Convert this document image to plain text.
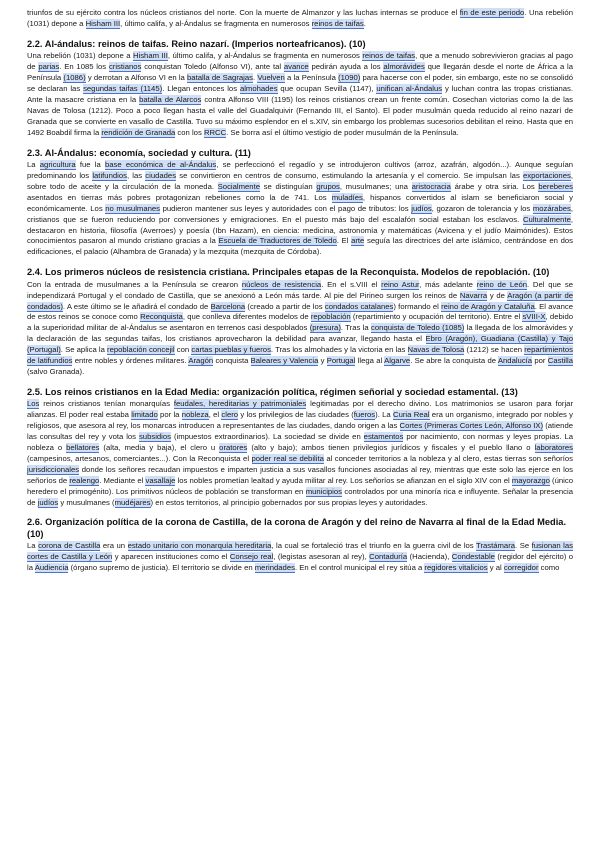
triunfos de su ejército contra los núcleos cristianos del norte. Con la muerte de Almanzor y las luchas internas se produce el fin de este periodo. Una rebelión (1031) depone a Hisham III, último califa, y al-Ándalus se fragmenta en numerosos reinos de taifas.

2.2. Al-ándalus: reinos de taifas. Reino nazarí. (Imperios norteafricanos). (10)

Una rebelión (1031) depone a Hisham III, último califa, y al-Ándalus se fragmenta en numerosos reinos de taifas, que a menudo sobrevivieron gracias al pago de parias. En 1085 los cristianos conquistan Toledo (Alfonso VI), ante tal avance pedirán ayuda a los almorávides que llegarán desde el norte de África a la Península (1086) y derrotan a Alfonso VI en la batalla de Sagrajas. Vuelven a la Península (1090) para hacerse con el poder, sin embargo, este no se consolidó se declaran las segundas taifas (1145). Llegan entonces los almohades que ocupan Sevilla (1147), unifican al-Ándalus y luchan contra las tropas cristianas. Ante la masacre cristiana en la batalla de Alarcos contra Alfonso VIII (1195) los reinos cristianos crean un frente común. Cosechan victorias como la de las Navas de Tolosa (1212). Poco a poco llegan hasta el valle del Guadalquivir (Fernando III, el Santo). El poder musulmán queda reducido al reino nazarí de Granada que se convierte en vasallo de Castilla. Tuvo su máximo esplendor en el s.XIV, sin embargo los problemas sucesorios debilitan el reino. Hasta que en 1492 Boabdil firma la rendición de Granada con los RRCC. Se borra así el último vestigio de poder musulmán de la Península.

2.3. Al-Ándalus: economía, sociedad y cultura. (11)

La agricultura fue la base económica de al-Ándalus, se perfeccionó el regadío y se introdujeron cultivos (arroz, azafrán, algodón...). Aunque seguían predominando los latifundios, las ciudades se convirtieron en centros de consumo, estimulando la artesanía y el comercio. Se impulsan las exportaciones, sobre todo de aceite y la circulación de la moneda. Socialmente se distinguían grupos, musulmanes; una aristocracia árabe y otra siria. Los bereberes asentados en tierras más pobres protagonizan rebeliones como la de 741. Los muladíes, hispanos convertidos al islam se beneficiaron social y económicamente. Los no musulmanes pudieron mantener sus leyes y autoridades con el pago de tributos: los judíos, gozaron de tolerancia y los mozárabes, cristianos que se fueron reduciendo por conversiones y emigraciones. En el puesto más bajo del escalafón social estaban los esclavos. Culturalmente, destacaron en historia, filosofía (Averroes) y poesía (Ibn Hazam), en ciencia: medicina, astronomía y matemáticas (Avicena y el judío Maimónides). Estos conocimientos pasaron al mundo cristiano gracias a la Escuela de Traductores de Toledo. El arte seguía las directrices del arte islámico, centrándose en dos edificaciones, el palacio (Alhambra de Granada) y la mezquita (mezquita de Córdoba).

2.4. Los primeros núcleos de resistencia cristiana. Principales etapas de la Reconquista. Modelos de repoblación. (10)

Con la entrada de musulmanes a la Península se crearon núcleos de resistencia. En el s.VIII el reino Astur, más adelante reino de León. Del que se independizará Portugal y el condado de Castilla, que se anexionó a León más tarde. Al pie del Pirineo surgen los reinos de Navarra y de Aragón (a partir de condados). A este último se le añadirá el condado de Barcelona (creado a partir de los condados catalanes) formando el reino de Aragón y Cataluña. El avance de estos reinos se conoce como Reconquista, que conlleva diferentes modelos de repoblación (repartimiento y ocupación del territorio). Entre el sVIII-X, debido a la superioridad militar de al-Ándalus se asentaron en terrenos casi despoblados (presura). Tras la conquista de Toledo (1085) la llegada de los almorávides y la declaración de las segundas taifas, los cristianos aprovecharon la debilidad para avanzar, llegando hasta el Ebro (Aragón), Guadiana (Castilla) y Tajo (Portugal). Se aplica la repoblación concejil con cartas pueblas y fueros. Tras los almohades y la victoria en las Navas de Tolosa (1212) se hacen repartimientos de latifundios entre nobles y órdenes militares. Aragón conquista Baleares y Valencia y Portugal llega al Algarve. Se abre la conquista de Andalucía por Castilla (salvo Granada).

2.5. Los reinos cristianos en la Edad Media: organización política, régimen señorial y sociedad estamental. (13)

Los reinos cristianos tenían monarquías feudales, hereditarias y patrimoniales legitimadas por el derecho divino. Los matrimonios se usaron para forjar alianzas. El poder real estaba limitado por la nobleza, el clero y los privilegios de las ciudades (fueros). La Curia Real era un organismo, integrado por nobles y religiosos, que asesora al rey, los monarcas introducen a representantes de las ciudades, dando origen a las Cortes (Primeras Cortes León, Alfonso IX) (atiende las consultas del rey y vota los subsidios (impuestos extraordinarios). La sociedad se divide en estamentos por nacimiento, con normas y leyes propias. La nobleza o bellatores (alta, media y baja), el clero u oratores (alto y bajo); ambos tienen privilegios jurídicos y fiscales y el pueblo llano o laboratores (campesinos, artesanos, comerciantes...). Con la Reconquista el poder real se debilita al conceder territorios a la nobleza y al clero, estas tierras son señoríos jurisdiccionales donde los señores recaudan impuestos e imparten justicia a sus vasallos funciones asociadas al rey, mientras que este solo las ejerce en los señoríos de realengo. Mediante el vasallaje los nobles prometían lealtad y ayuda militar al rey. Los señoríos se afianzan en el siglo XIV con el mayorazgo (único heredero el primogénito). Los primitivos núcleos de población se transforman en municipios controlados por una minoría rica e influyente. Señalar la presencia de judíos y musulmanes (mudéjares) en estos territorios, al principio gobernados por sus propias leyes y autoridades.

2.6. Organización política de la corona de Castilla, de la corona de Aragón y del reino de Navarra al final de la Edad Media. (10)

La corona de Castilla era un estado unitario con monarquía hereditaria, la cual se fortaleció tras el triunfo en la guerra civil de los Trastámara. Se fusionan las cortes de Castilla y León y aparecen instituciones como el Consejo real, (legistas asesoran al rey), Contaduría (Hacienda), Condestable (regidor del ejército) o la Audiencia (órgano supremo de justicia). El territorio se divide en merindades. En el control municipal el rey sitúa a regidores vitalicios y al corregidor como
